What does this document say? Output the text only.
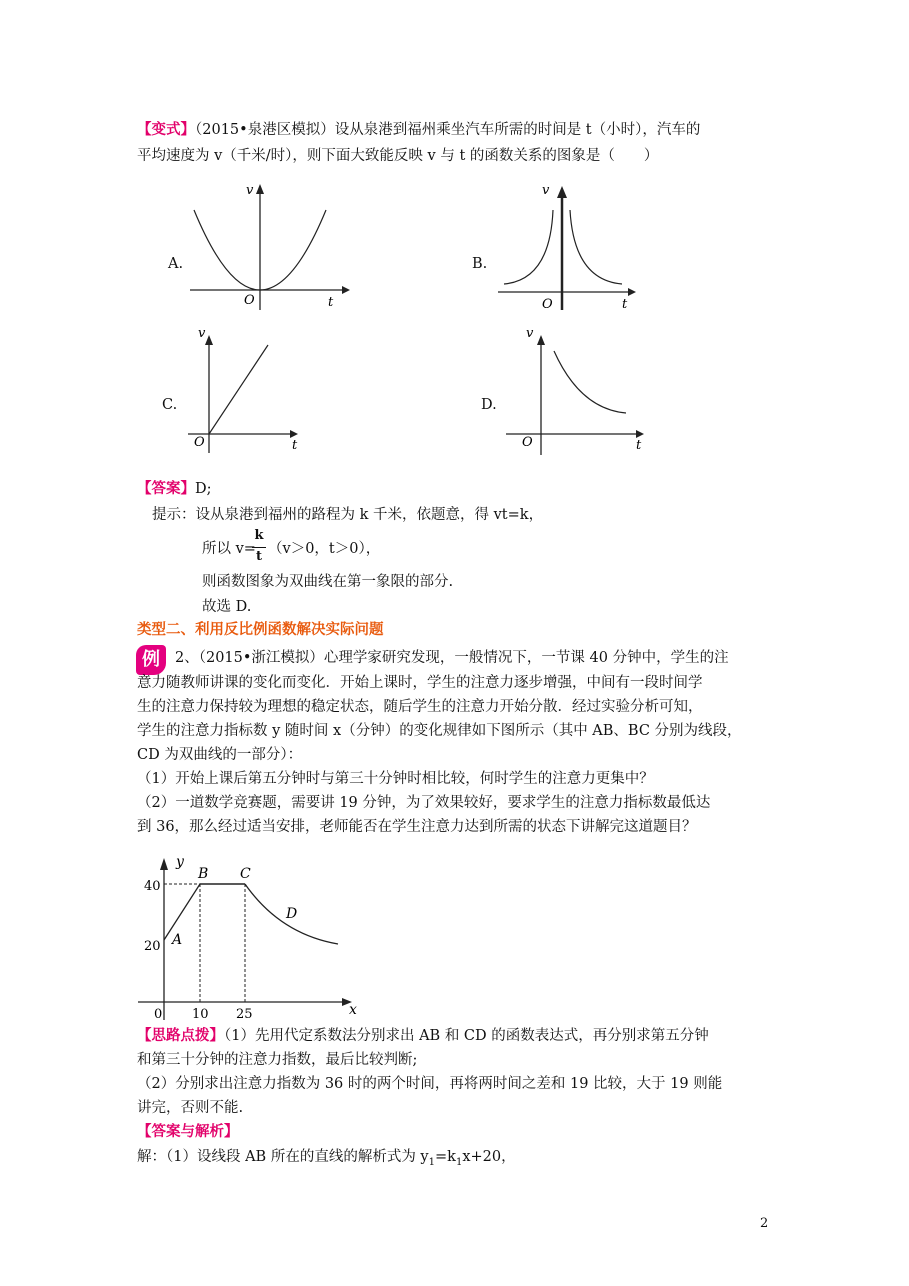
【变式】（2015•泉港区模拟）设从泉港到福州乘坐汽车所需的时间是 t（小时），汽车的
平均速度为 v（千米/时），则下面大致能反映 v 与 t 的函数关系的图象是（　　）
A.
v
t
O
B.
v
t
O
C.
v
t
O
D.
v
t
O
【答案】D;
提示：设从泉港到福州的路程为 k 千米，依题意，得 vt=k，
所以 v=
k
t （v＞0，t＞0），
则函数图象为双曲线在第一象限的部分.
故选 D.
类型二、利用反比例函数解决实际问题
例	2、（2015•浙江模拟）心理学家研究发现，一般情况下，一节课 40 分钟中，学生的注
意力随教师讲课的变化而变化．开始上课时，学生的注意力逐步增强，中间有一段时间学
生的注意力保持较为理想的稳定状态，随后学生的注意力开始分散．经过实验分析可知，
学生的注意力指标数 y 随时间 x（分钟）的变化规律如下图所示（其中 AB、BC 分别为线段，
CD 为双曲线的一部分）：
（1）开始上课后第五分钟时与第三十分钟时相比较，何时学生的注意力更集中？
（2）一道数学竞赛题，需要讲 19 分钟，为了效果较好，要求学生的注意力指标数最低达
到 36，那么经过适当安排，老师能否在学生注意力达到所需的状态下讲解完这道题目？
y
x
0
40
20
10 25
A
B C
D
【思路点拨】（1）先用代定系数法分别求出 AB 和 CD 的函数表达式，再分别求第五分钟
和第三十分钟的注意力指数，最后比较判断;
（2）分别求出注意力指数为 36 时的两个时间，再将两时间之差和 19 比较，大于 19 则能
讲完，否则不能.
【答案与解析】
解：（1）设线段 AB 所在的直线的解析式为 $y_1=k_1x+20$，
2
